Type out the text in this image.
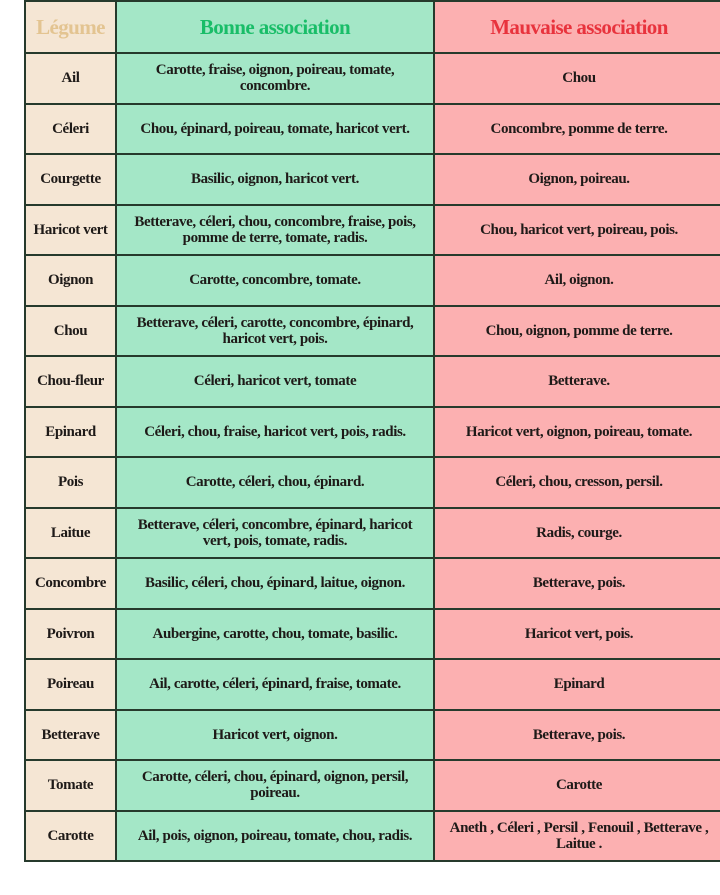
Légume	Bonne association	Mauvaise association
Ail	Carotte, fraise, oignon, poireau, tomate, concombre.	Chou
Céleri	Chou, épinard, poireau, tomate, haricot vert.	Concombre, pomme de terre.
Courgette	Basilic, oignon, haricot vert.	Oignon, poireau.
Haricot vert	Betterave, céleri, chou, concombre, fraise, pois, pomme de terre, tomate, radis.	Chou, haricot vert, poireau, pois.
Oignon	Carotte, concombre, tomate.	Ail, oignon.
Chou	Betterave, céleri, carotte, concombre, épinard, haricot vert, pois.	Chou, oignon, pomme de terre.
Chou-fleur	Céleri, haricot vert, tomate	Betterave.
Epinard	Céleri, chou, fraise, haricot vert, pois, radis.	Haricot vert, oignon, poireau, tomate.
Pois	Carotte, céleri, chou, épinard.	Céleri, chou, cresson, persil.
Laitue	Betterave, céleri, concombre, épinard, haricot vert, pois, tomate, radis.	Radis, courge.
Concombre	Basilic, céleri, chou, épinard, laitue, oignon.	Betterave, pois.
Poivron	Aubergine, carotte, chou, tomate, basilic.	Haricot vert, pois.
Poireau	Ail, carotte, céleri, épinard, fraise, tomate.	Epinard
Betterave	Haricot vert, oignon.	Betterave, pois.
Tomate	Carotte, céleri, chou, épinard, oignon, persil, poireau.	Carotte
Carotte	Ail, pois, oignon, poireau, tomate, chou, radis.	Aneth , Céleri , Persil , Fenouil , Betterave , Laitue .
